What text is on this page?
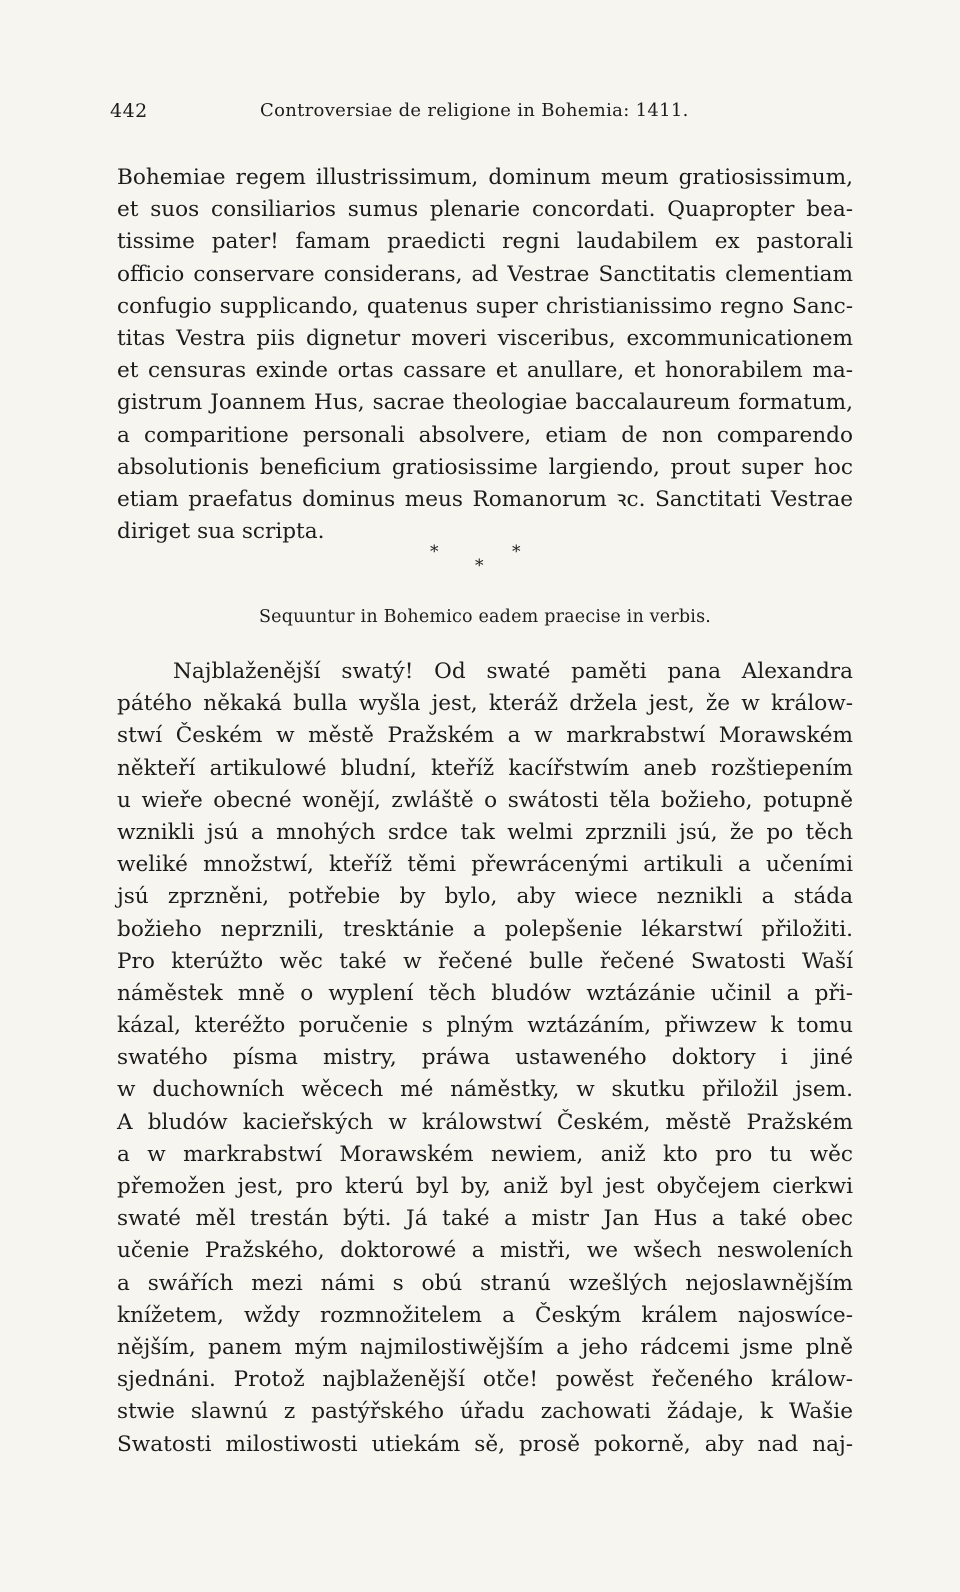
442	Controversiae de religione in Bohemia: 1411.
Bohemiae regem illustrissimum, dominum meum gratiosissimum,
et suos consiliarios sumus plenarie concordati. Quapropter bea-
tissime pater! famam praedicti regni laudabilem ex pastorali
officio conservare considerans, ad Vestrae Sanctitatis clementiam
confugio supplicando, quatenus super christianissimo regno Sanc-
titas Vestra piis dignetur moveri visceribus, excommunicationem
et censuras exinde ortas cassare et anullare, et honorabilem ma-
gistrum Joannem Hus, sacrae theologiae baccalaureum formatum,
a comparitione personali absolvere, etiam de non comparendo
absolutionis beneficium gratiosissime largiendo, prout super hoc
etiam praefatus dominus meus Romanorum ꝛc. Sanctitati Vestrae
diriget sua scripta.
*
*
*
Sequuntur in Bohemico eadem praecise in verbis.
Najblaženější swatý! Od swaté paměti pana Alexandra
pátého někaká bulla wyšla jest, kteráž držela jest, že w králow-
stwí Českém w městě Pražském a w markrabstwí Morawském
někteří artikulowé bludní, kteříž kacířstwím aneb rozštiepením
u wieře obecné wonějí, zwláště o swátosti těla božieho, potupně
wznikli jsú a mnohých srdce tak welmi zprznili jsú, že po těch
weliké množstwí, kteříž těmi přewrácenými artikuli a učeními
jsú zprzněni, potřebie by bylo, aby wiece neznikli a stáda
božieho neprznili, tresktánie a polepšenie lékarstwí přiložiti.
Pro kterúžto wěc také w řečené bulle řečené Swatosti Waší
náměstek mně o wyplení těch bludów wztázánie učinil a při-
kázal, kteréžto poručenie s plným wztázáním, přiwzew k tomu
swatého písma mistry, práwa ustaweného doktory i jiné
w duchowních wěcech mé náměstky, w skutku přiložil jsem.
A bludów kacieřských w králowstwí Českém, městě Pražském
a w markrabstwí Morawském newiem, aniž kto pro tu wěc
přemožen jest, pro kterú byl by, aniž byl jest obyčejem cierkwi
swaté měl trestán býti. Já také a mistr Jan Hus a také obec
učenie Pražského, doktorowé a mistři, we wšech neswoleních
a swářích mezi námi s obú stranú wzešlých nejoslawnějším
knížetem, wždy rozmnožitelem a Českým králem najoswíce-
nějším, panem mým najmilostiwějším a jeho rádcemi jsme plně
sjednáni. Protož najblaženější otče! powěst řečeného králow-
stwie slawnú z pastýřského úřadu zachowati žádaje, k Wašie
Swatosti milostiwosti utiekám sě, prosě pokorně, aby nad naj-
